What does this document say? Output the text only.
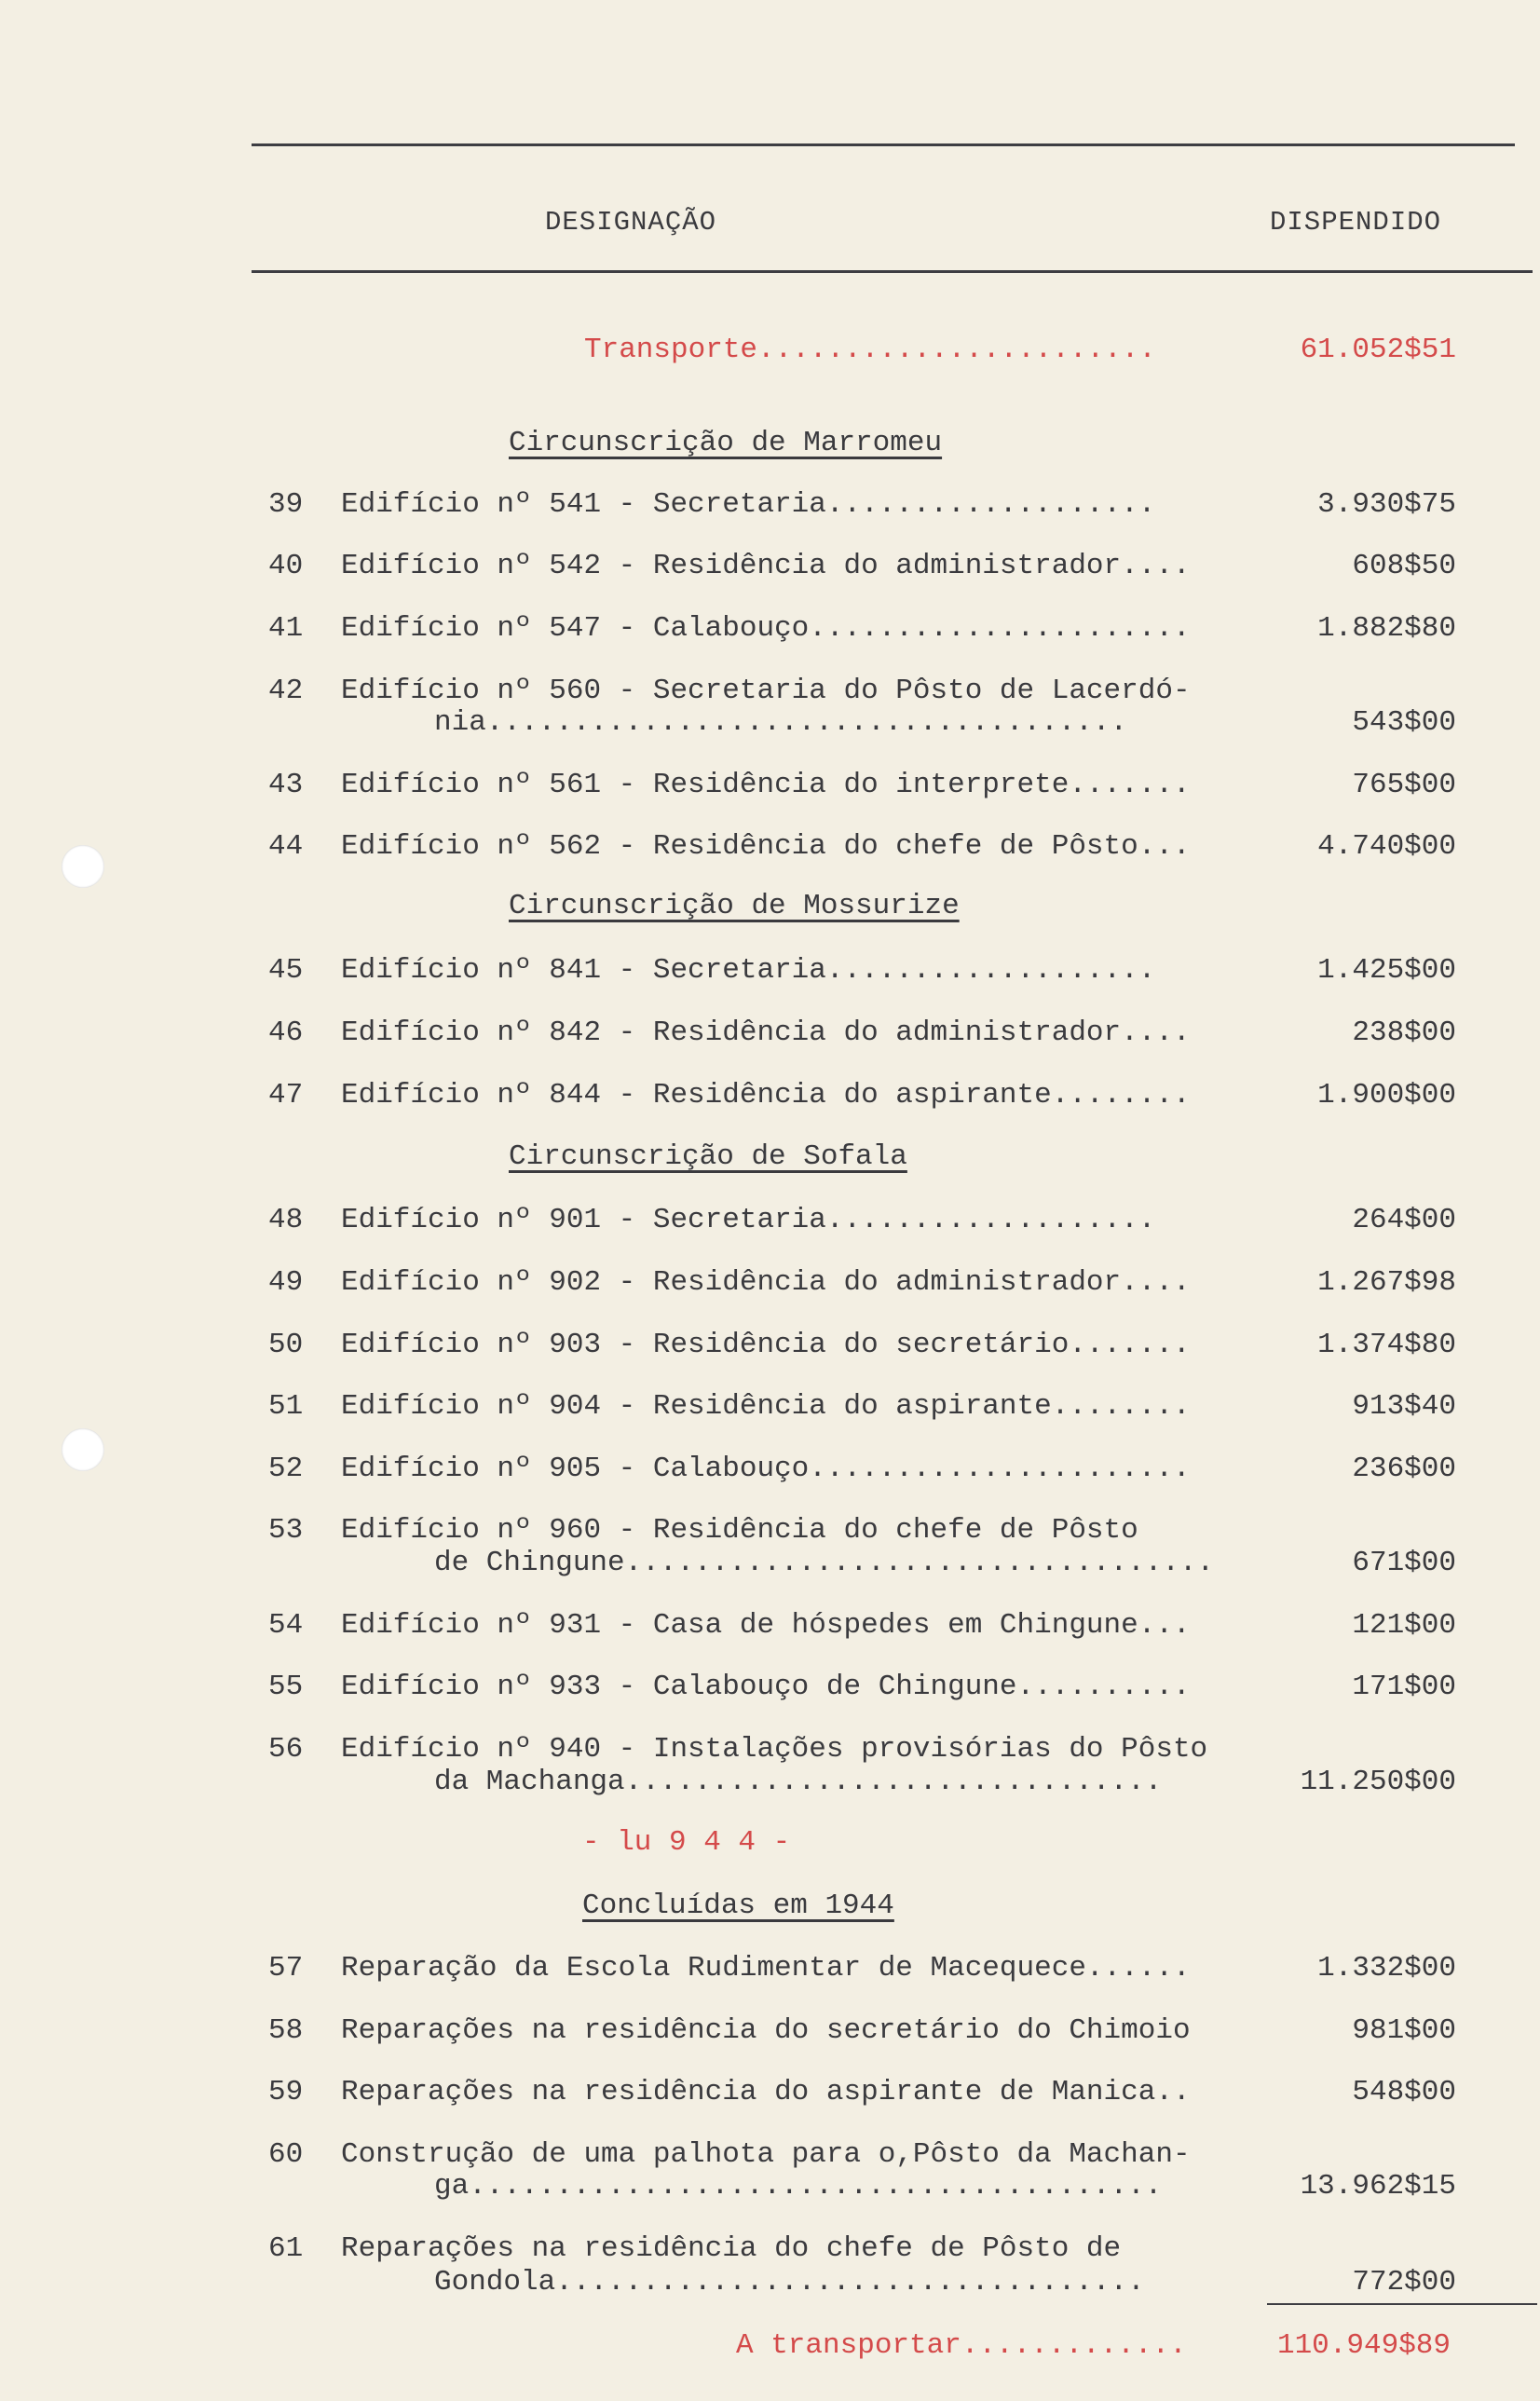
DESIGNAÇÃO	DISPENDIDO
Transporte.......................	61.052$51
Circunscrição de Marromeu
39 Edifício nº 541 - Secretaria...................	3.930$75
40 Edifício nº 542 - Residência do administrador....	608$50
41 Edifício nº 547 - Calabouço......................	1.882$80
42 Edifício nº 560 - Secretaria do Pôsto de Lacerdó-
nia.....................................	543$00
43 Edifício nº 561 - Residência do interprete.......	765$00
44 Edifício nº 562 - Residência do chefe de Pôsto...	4.740$00
Circunscrição de Mossurize
45 Edifício nº 841 - Secretaria...................	1.425$00
46 Edifício nº 842 - Residência do administrador....	238$00
47 Edifício nº 844 - Residência do aspirante........	1.900$00
Circunscrição de Sofala
48 Edifício nº 901 - Secretaria...................	264$00
49 Edifício nº 902 - Residência do administrador....	1.267$98
50 Edifício nº 903 - Residência do secretário.......	1.374$80
51 Edifício nº 904 - Residência do aspirante........	913$40
52 Edifício nº 905 - Calabouço......................	236$00
53 Edifício nº 960 - Residência do chefe de Pôsto
de Chingune..................................	671$00
54 Edifício nº 931 - Casa de hóspedes em Chingune...	121$00
55 Edifício nº 933 - Calabouço de Chingune..........	171$00
56 Edifício nº 940 - Instalações provisórias do Pôsto
da Machanga...............................	11.250$00
- lu 9 4 4 -
Concluídas em 1944
57 Reparação da Escola Rudimentar de Macequece......	1.332$00
58 Reparações na residência do secretário do Chimoio	981$00
59 Reparações na residência do aspirante de Manica..	548$00
60 Construção de uma palhota para o,Pôsto da Machan-
ga........................................	13.962$15
61 Reparações na residência do chefe de Pôsto de
Gondola..................................	772$00
A transportar.............	110.949$89
